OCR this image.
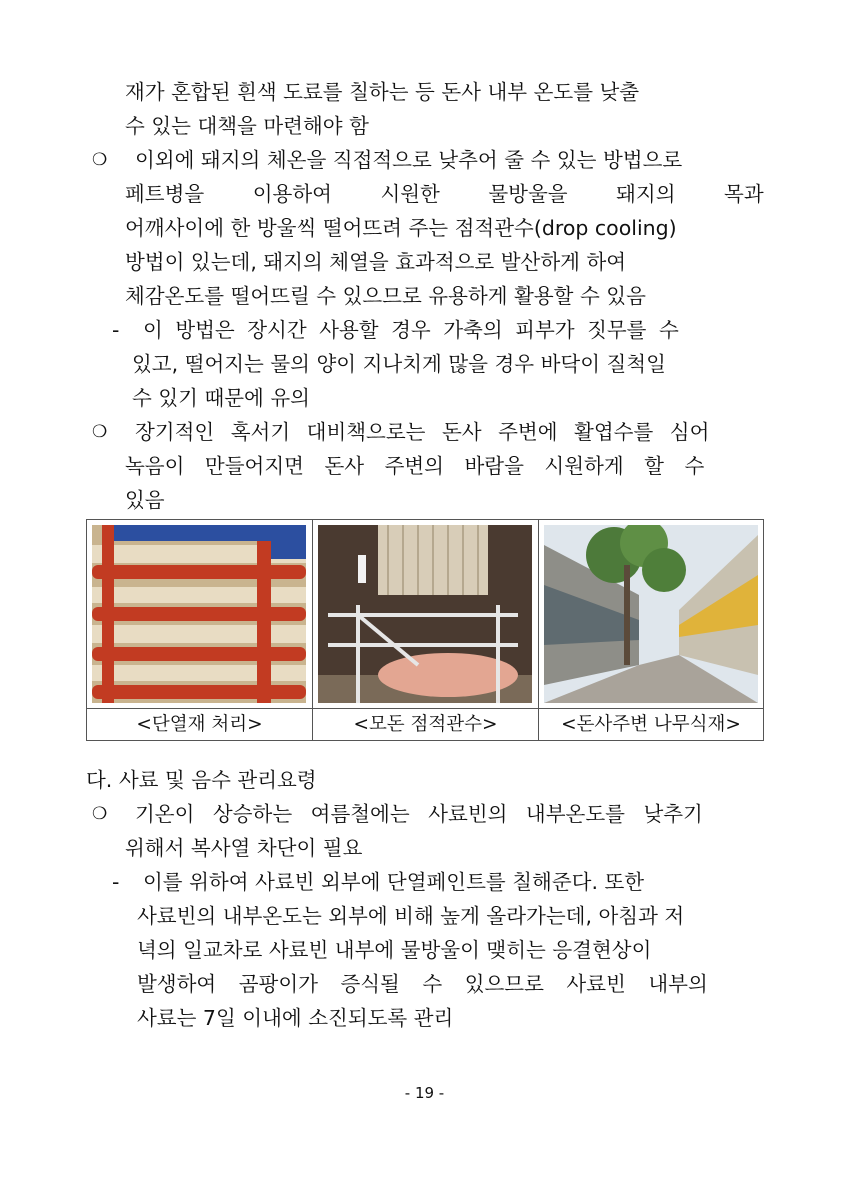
재가 혼합된 흰색 도료를 칠하는 등 돈사 내부 온도를 낮출
수 있는 대책을 마련해야 함
❍ 이외에 돼지의 체온을 직접적으로 낮추어 줄 수 있는 방법으로
페트병을 이용하여 시원한 물방울을 돼지의 목과
어깨사이에 한 방울씩 떨어뜨려 주는 점적관수(drop cooling)
방법이 있는데, 돼지의 체열을 효과적으로 발산하게 하여
체감온도를 떨어뜨릴 수 있으므로 유용하게 활용할 수 있음
- 이 방법은 장시간 사용할 경우 가축의 피부가 짓무를 수
있고, 떨어지는 물의 양이 지나치게 많을 경우 바닥이 질척일
수 있기 때문에 유의
❍ 장기적인 혹서기 대비책으로는 돈사 주변에 활엽수를 심어
녹음이 만들어지면 돈사 주변의 바람을 시원하게 할 수
있음
<단열재 처리>	<모돈 점적관수>	<돈사주변 나무식재>
다. 사료 및 음수 관리요령
❍ 기온이 상승하는 여름철에는 사료빈의 내부온도를 낮추기
위해서 복사열 차단이 필요
- 이를 위하여 사료빈 외부에 단열페인트를 칠해준다. 또한
사료빈의 내부온도는 외부에 비해 높게 올라가는데, 아침과 저
녁의 일교차로 사료빈 내부에 물방울이 맺히는 응결현상이
발생하여 곰팡이가 증식될 수 있으므로 사료빈 내부의
사료는 7일 이내에 소진되도록 관리
- 19 -
